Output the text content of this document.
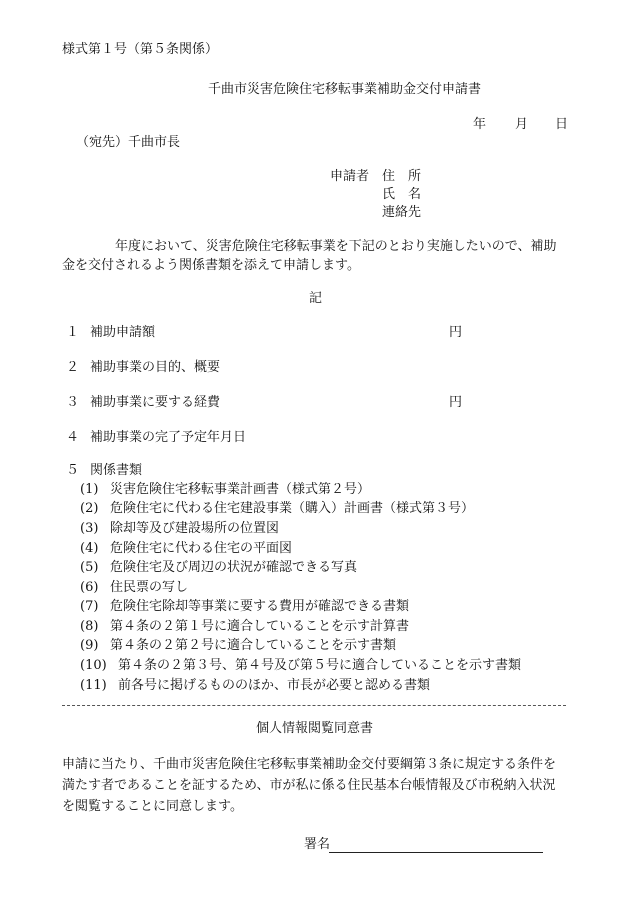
様式第１号（第５条関係）
千曲市災害危険住宅移転事業補助金交付申請書
年 月 日
（宛先）千曲市長
申請者 住　所
氏　名
連絡先
年度において、災害危険住宅移転事業を下記のとおり実施したいので、補助
金を交付されるよう関係書類を添えて申請します。
記
１ 補助申請額	円
２ 補助事業の目的、概要
３ 補助事業に要する経費	円
４ 補助事業の完了予定年月日
５ 関係書類
(1) 災害危険住宅移転事業計画書（様式第２号）
(2) 危険住宅に代わる住宅建設事業（購入）計画書（様式第３号）
(3) 除却等及び建設場所の位置図
(4) 危険住宅に代わる住宅の平面図
(5) 危険住宅及び周辺の状況が確認できる写真
(6) 住民票の写し
(7) 危険住宅除却等事業に要する費用が確認できる書類
(8) 第４条の２第１号に適合していることを示す計算書
(9) 第４条の２第２号に適合していることを示す書類
(10) 第４条の２第３号、第４号及び第５号に適合していることを示す書類
(11) 前各号に掲げるもののほか、市長が必要と認める書類
個人情報閲覧同意書
申請に当たり、千曲市災害危険住宅移転事業補助金交付要綱第３条に規定する条件を
満たす者であることを証するため、市が私に係る住民基本台帳情報及び市税納入状況
を閲覧することに同意します。
署名
